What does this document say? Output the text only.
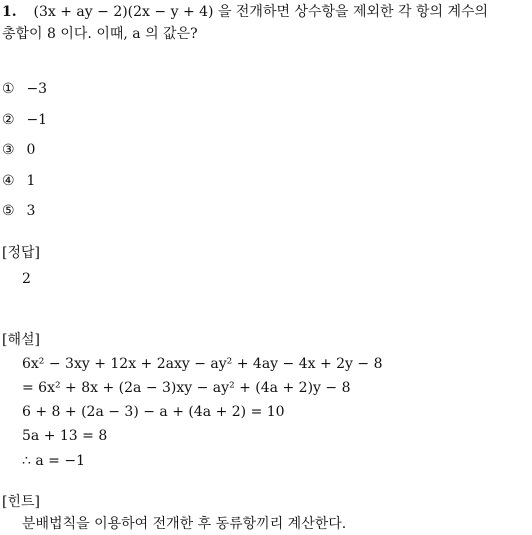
1. (3x + ay − 2)(2x − y + 4) 을 전개하면 상수항을 제외한 각 항의 계수의
총합이 8 이다. 이때, a 의 값은?
① −3
② −1
③ 0
④ 1
⑤ 3
[정답]
2
[해설]
6x² − 3xy + 12x + 2axy − ay² + 4ay − 4x + 2y − 8
= 6x² + 8x + (2a − 3)xy − ay² + (4a + 2)y − 8
6 + 8 + (2a − 3) − a + (4a + 2) = 10
5a + 13 = 8
∴ a = −1
[힌트]
분배법칙을 이용하여 전개한 후 동류항끼리 계산한다.
